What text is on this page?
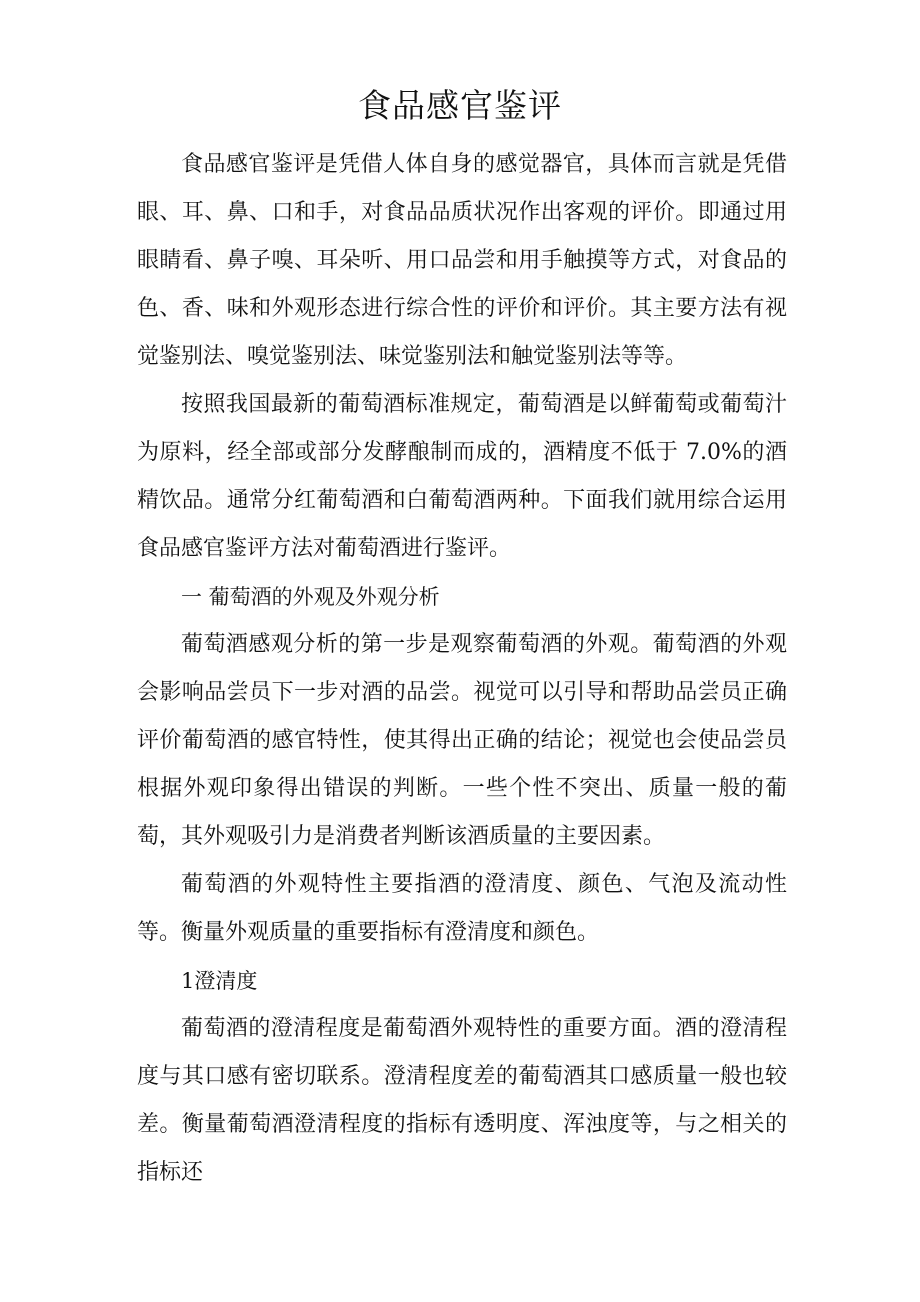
食品感官鉴评

食品感官鉴评是凭借人体自身的感觉器官，具体而言就是凭借眼、耳、鼻、口和手，对食品品质状况作出客观的评价。即通过用眼睛看、鼻子嗅、耳朵听、用口品尝和用手触摸等方式，对食品的色、香、味和外观形态进行综合性的评价和评价。其主要方法有视觉鉴别法、嗅觉鉴别法、味觉鉴别法和触觉鉴别法等等。

按照我国最新的葡萄酒标准规定，葡萄酒是以鲜葡萄或葡萄汁为原料，经全部或部分发酵酿制而成的，酒精度不低于 7.0%的酒精饮品。通常分红葡萄酒和白葡萄酒两种。下面我们就用综合运用食品感官鉴评方法对葡萄酒进行鉴评。

一 葡萄酒的外观及外观分析

葡萄酒感观分析的第一步是观察葡萄酒的外观。葡萄酒的外观会影响品尝员下一步对酒的品尝。视觉可以引导和帮助品尝员正确评价葡萄酒的感官特性，使其得出正确的结论；视觉也会使品尝员根据外观印象得出错误的判断。一些个性不突出、质量一般的葡萄，其外观吸引力是消费者判断该酒质量的主要因素。

葡萄酒的外观特性主要指酒的澄清度、颜色、气泡及流动性等。衡量外观质量的重要指标有澄清度和颜色。

1澄清度

葡萄酒的澄清程度是葡萄酒外观特性的重要方面。酒的澄清程度与其口感有密切联系。澄清程度差的葡萄酒其口感质量一般也较差。衡量葡萄酒澄清程度的指标有透明度、浑浊度等，与之相关的指标还
